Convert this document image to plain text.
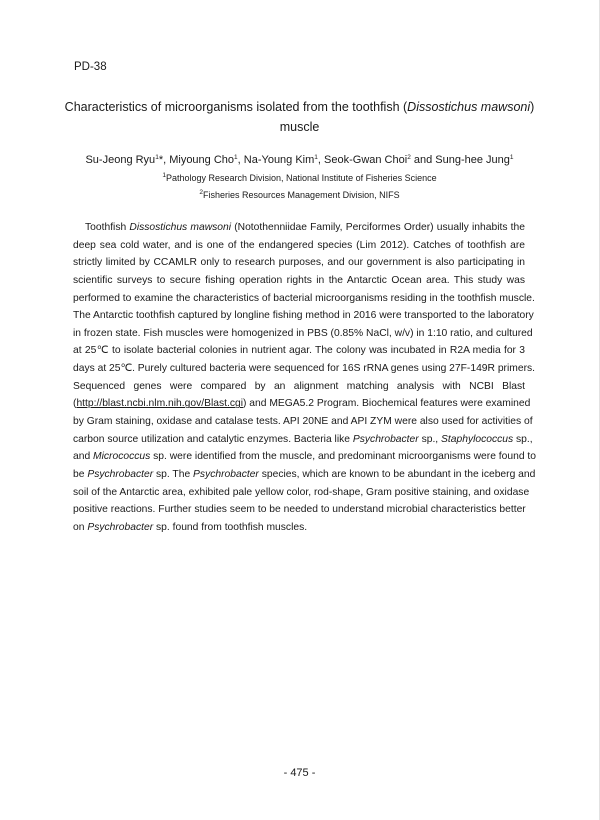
PD-38
Characteristics of microorganisms isolated from the toothfish (Dissostichus mawsoni)
muscle
Su-Jeong Ryu$^1$*, Miyoung Cho$^1$, Na-Young Kim$^1$, Seok-Gwan Choi$^2$ and Sung-hee Jung$^1$
$^1$Pathology Research Division, National Institute of Fisheries Science
$^2$Fisheries Resources Management Division, NIFS
Toothfish Dissostichus mawsoni (Notothenniidae Family, Perciformes Order) usually inhabits the
deep sea cold water, and is one of the endangered species (Lim 2012). Catches of toothfish are
strictly limited by CCAMLR only to research purposes, and our government is also participating in
scientific surveys to secure fishing operation rights in the Antarctic Ocean area. This study was
performed to examine the characteristics of bacterial microorganisms residing in the toothfish muscle.
The Antarctic toothfish captured by longline fishing method in 2016 were transported to the laboratory
in frozen state. Fish muscles were homogenized in PBS (0.85% NaCl, w/v) in 1:10 ratio, and cultured
at 25℃ to isolate bacterial colonies in nutrient agar. The colony was incubated in R2A media for 3
days at 25℃. Purely cultured bacteria were sequenced for 16S rRNA genes using 27F-149R primers.
Sequenced genes were compared by an alignment matching analysis with NCBI Blast
(http://blast.ncbi.nlm.nih.gov/Blast.cgi) and MEGA5.2 Program. Biochemical features were examined
by Gram staining, oxidase and catalase tests. API 20NE and API ZYM were also used for activities of
carbon source utilization and catalytic enzymes. Bacteria like Psychrobacter sp., Staphylococcus sp.,
and Micrococcus sp. were identified from the muscle, and predominant microorganisms were found to
be Psychrobacter sp. The Psychrobacter species, which are known to be abundant in the iceberg and
soil of the Antarctic area, exhibited pale yellow color, rod-shape, Gram positive staining, and oxidase
positive reactions. Further studies seem to be needed to understand microbial characteristics better
on Psychrobacter sp. found from toothfish muscles.
- 475 -
